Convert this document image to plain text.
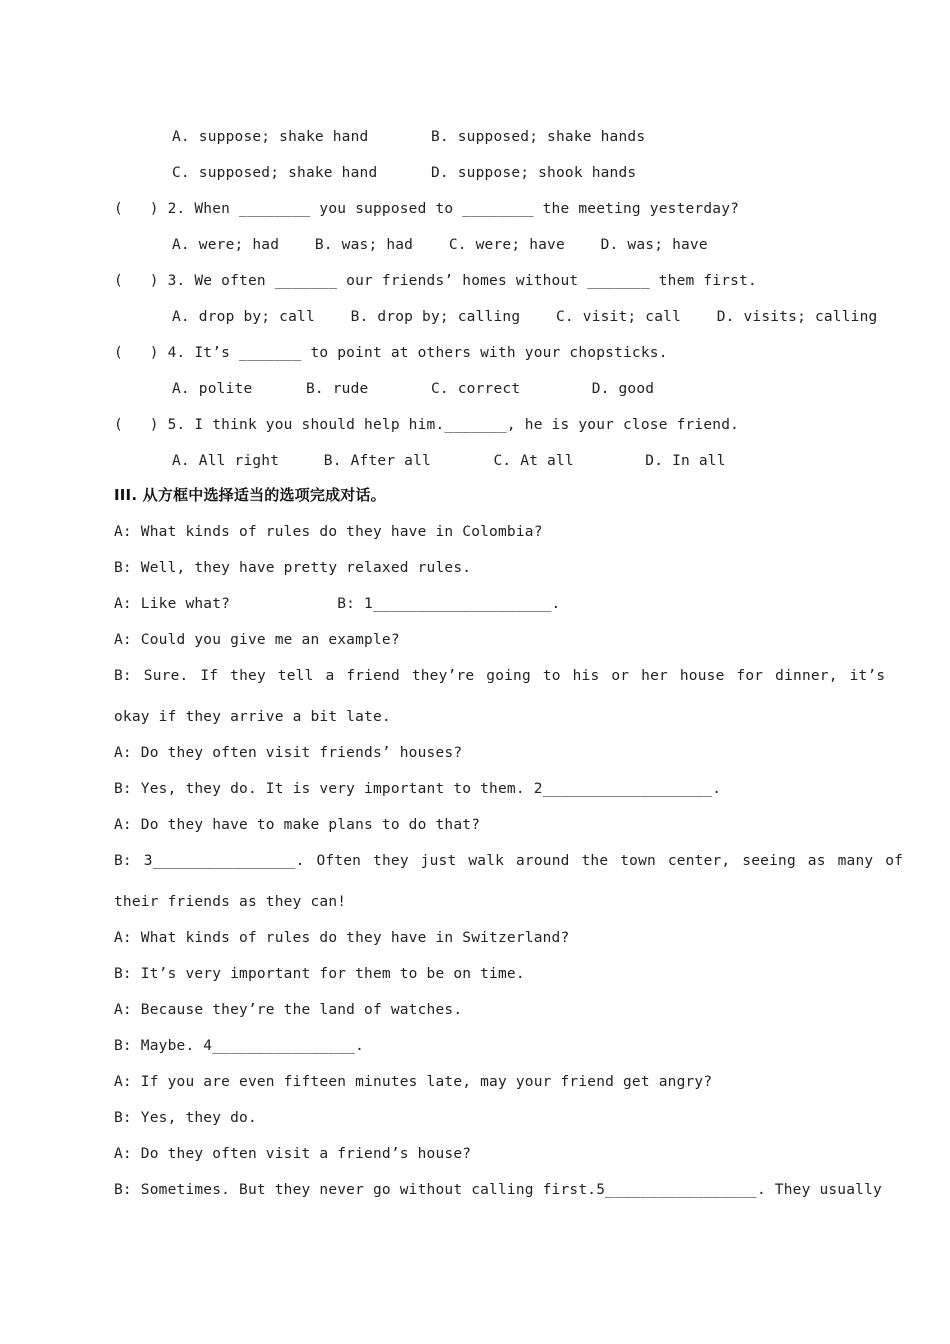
A. suppose; shake hand       B. supposed; shake hands
C. supposed; shake hand      D. suppose; shook hands
(   ) 2. When ________ you supposed to ________ the meeting yesterday?
A. were; had    B. was; had    C. were; have    D. was; have
(   ) 3. We often _______ our friends’ homes without _______ them first.
A. drop by; call    B. drop by; calling    C. visit; call    D. visits; calling
(   ) 4. It’s _______ to point at others with your chopsticks.
A. polite      B. rude       C. correct        D. good
(   ) 5. I think you should help him._______, he is your close friend.
A. All right     B. After all       C. At all        D. In all
III. 从方框中选择适当的选项完成对话。
A: What kinds of rules do they have in Colombia?
B: Well, they have pretty relaxed rules.
A: Like what?            B: 1____________________.
A: Could you give me an example?
B: Sure. If they tell a friend they’re going to his or her house for dinner, it’s
okay if they arrive a bit late.
A: Do they often visit friends’ houses?
B: Yes, they do. It is very important to them. 2___________________.
A: Do they have to make plans to do that?
B: 3________________. Often they just walk around the town center, seeing as many of
their friends as they can!
A: What kinds of rules do they have in Switzerland?
B: It’s very important for them to be on time.
A: Because they’re the land of watches.
B: Maybe. 4________________.
A: If you are even fifteen minutes late, may your friend get angry?
B: Yes, they do.
A: Do they often visit a friend’s house?
B: Sometimes. But they never go without calling first.5_________________. They usually
